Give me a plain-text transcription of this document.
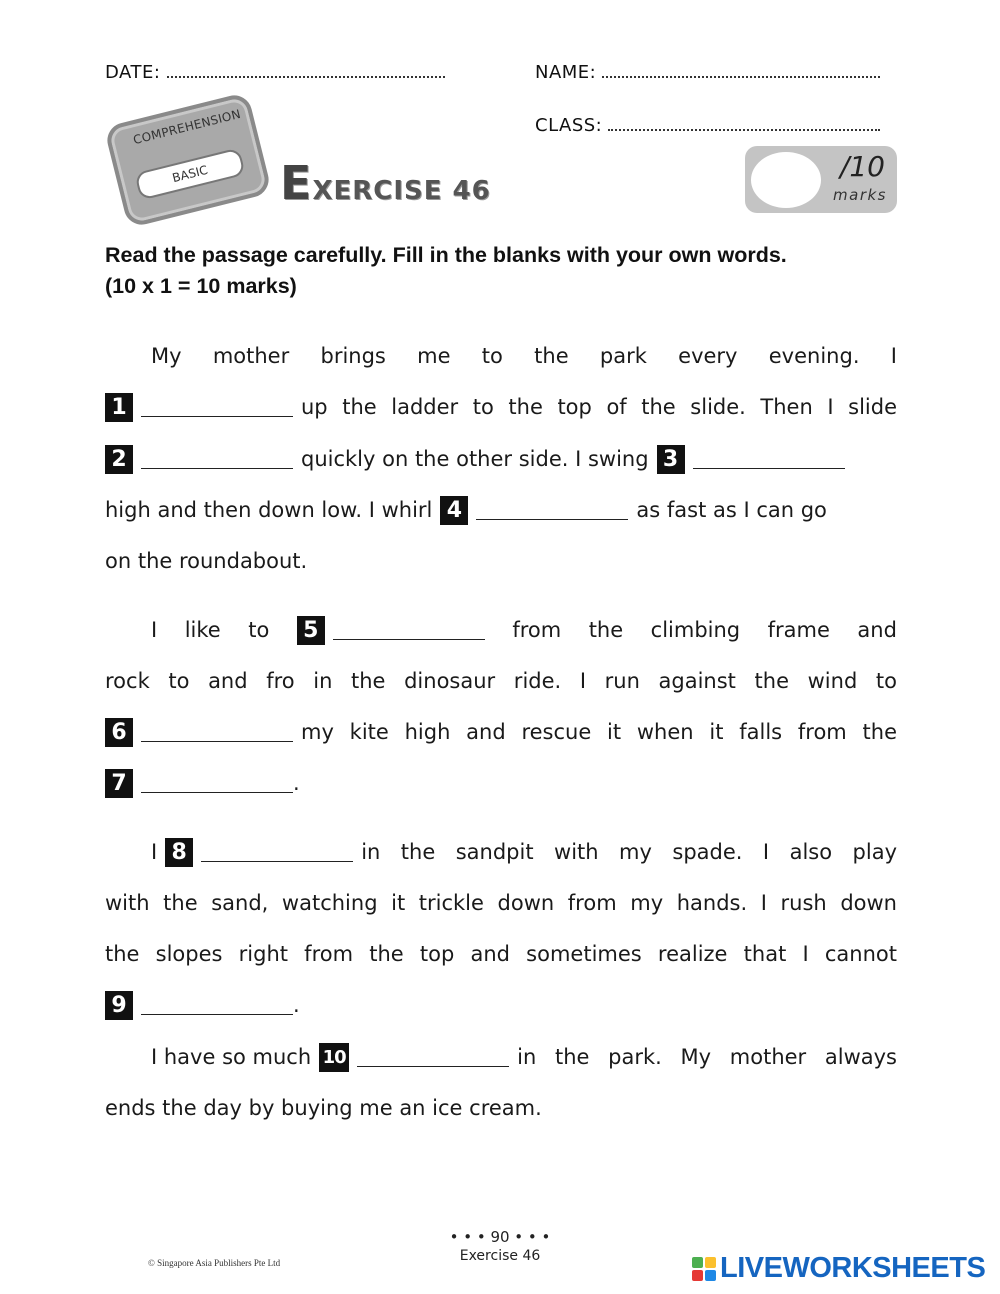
DATE:	NAME:
CLASS:
COMPREHENSION
BASIC	EXERCISE 46
/10
marks
Read the passage carefully. Fill in the blanks with your own words.
(10 x 1 = 10 marks)
My mother brings me to the park every evening. I
1	up the ladder to the top of the slide. Then I slide
2	quickly on the other side. I swing 3
high and then down low. I whirl 4	as fast as I can go
on the roundabout.
I like to 5	from the climbing frame and
rock to and fro in the dinosaur ride. I run against the wind to
6	my kite high and rescue it when it falls from the
7	.
I 8	in the sandpit with my spade. I also play
with the sand, watching it trickle down from my hands. I rush down
the slopes right from the top and sometimes realize that I cannot
9	.
I have so much 10	in the park. My mother always
ends the day by buying me an ice cream.
• • • 90 • • •
Exercise 46
© Singapore Asia Publishers Pte Ltd	LIVEWORKSHEETS
